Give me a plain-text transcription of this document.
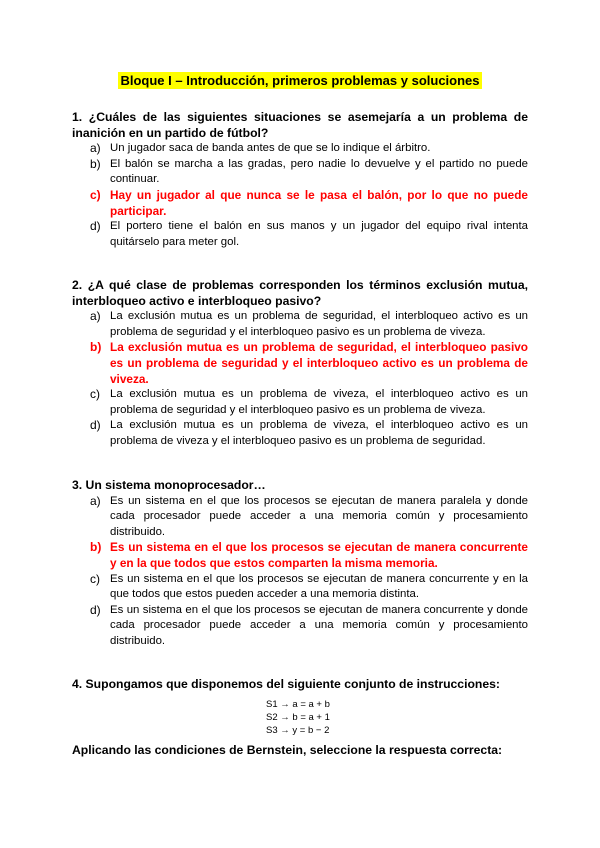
Bloque I – Introducción, primeros problemas y soluciones

1. ¿Cuáles de las siguientes situaciones se asemejaría a un problema de inanición en un partido de fútbol?

a) Un jugador saca de banda antes de que se lo indique el árbitro.
b) El balón se marcha a las gradas, pero nadie lo devuelve y el partido no puede continuar.
c) Hay un jugador al que nunca se le pasa el balón, por lo que no puede participar.
d) El portero tiene el balón en sus manos y un jugador del equipo rival intenta quitárselo para meter gol.

2. ¿A qué clase de problemas corresponden los términos exclusión mutua, interbloqueo activo e interbloqueo pasivo?

a) La exclusión mutua es un problema de seguridad, el interbloqueo activo es un problema de seguridad y el interbloqueo pasivo es un problema de viveza.
b) La exclusión mutua es un problema de seguridad, el interbloqueo pasivo es un problema de seguridad y el interbloqueo activo es un problema de viveza.
c) La exclusión mutua es un problema de viveza, el interbloqueo activo es un problema de seguridad y el interbloqueo pasivo es un problema de viveza.
d) La exclusión mutua es un problema de viveza, el interbloqueo activo es un problema de viveza y el interbloqueo pasivo es un problema de seguridad.

3. Un sistema monoprocesador…

a) Es un sistema en el que los procesos se ejecutan de manera paralela y donde cada procesador puede acceder a una memoria común y procesamiento distribuido.
b) Es un sistema en el que los procesos se ejecutan de manera concurrente y en la que todos que estos comparten la misma memoria.
c) Es un sistema en el que los procesos se ejecutan de manera concurrente y en la que todos que estos pueden acceder a una memoria distinta.
d) Es un sistema en el que los procesos se ejecutan de manera concurrente y donde cada procesador puede acceder a una memoria común y procesamiento distribuido.

4. Supongamos que disponemos del siguiente conjunto de instrucciones:

S1 → a = a + b
S2 → b = a + 1
S3 → y = b − 2
Aplicando las condiciones de Bernstein, seleccione la respuesta correcta:
